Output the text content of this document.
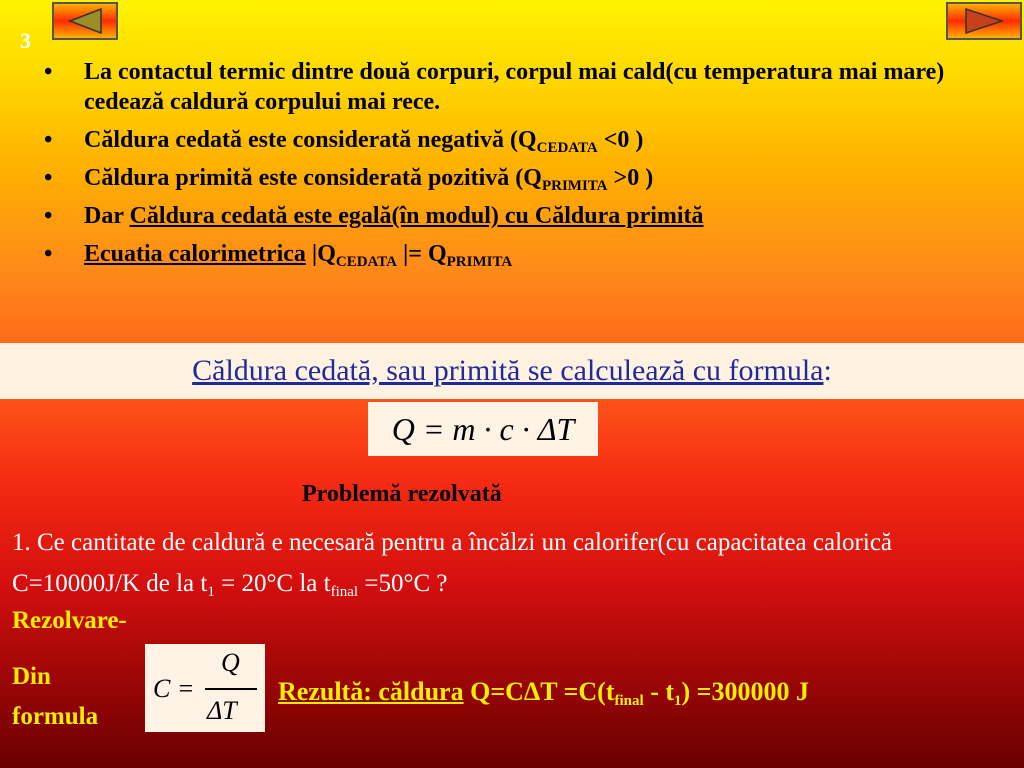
3
• La contactul termic dintre două corpuri, corpul mai cald(cu temperatura mai mare) cedează caldură corpului mai rece.
• Căldura cedată este considerată negativă ($Q_{CEDATA} <0$ )
• Căldura primită este considerată pozitivă ($Q_{PRIMITA} >0$ )
• Dar Căldura cedată este egală(în modul) cu Căldura primită
• Ecuatia calorimetrica $|Q_{CEDATA}$ |= $Q_{PRIMITA}$
Căldura cedată, sau primită se calculează cu formula:
Q = m · c · ΔT
Problemă rezolvată
1. Ce cantitate de caldură e necesară pentru a încălzi un calorifer(cu capacitatea calorică C=10000J/K de la $t_1 = 20^\circ C$ la $t_{final} =50^\circ C$ ?
Rezolvare-
Din formula
C =
Q
ΔT
Rezultă: căldura $Q=C\Delta T =C(t_{final} - t_1) =300000$ J
